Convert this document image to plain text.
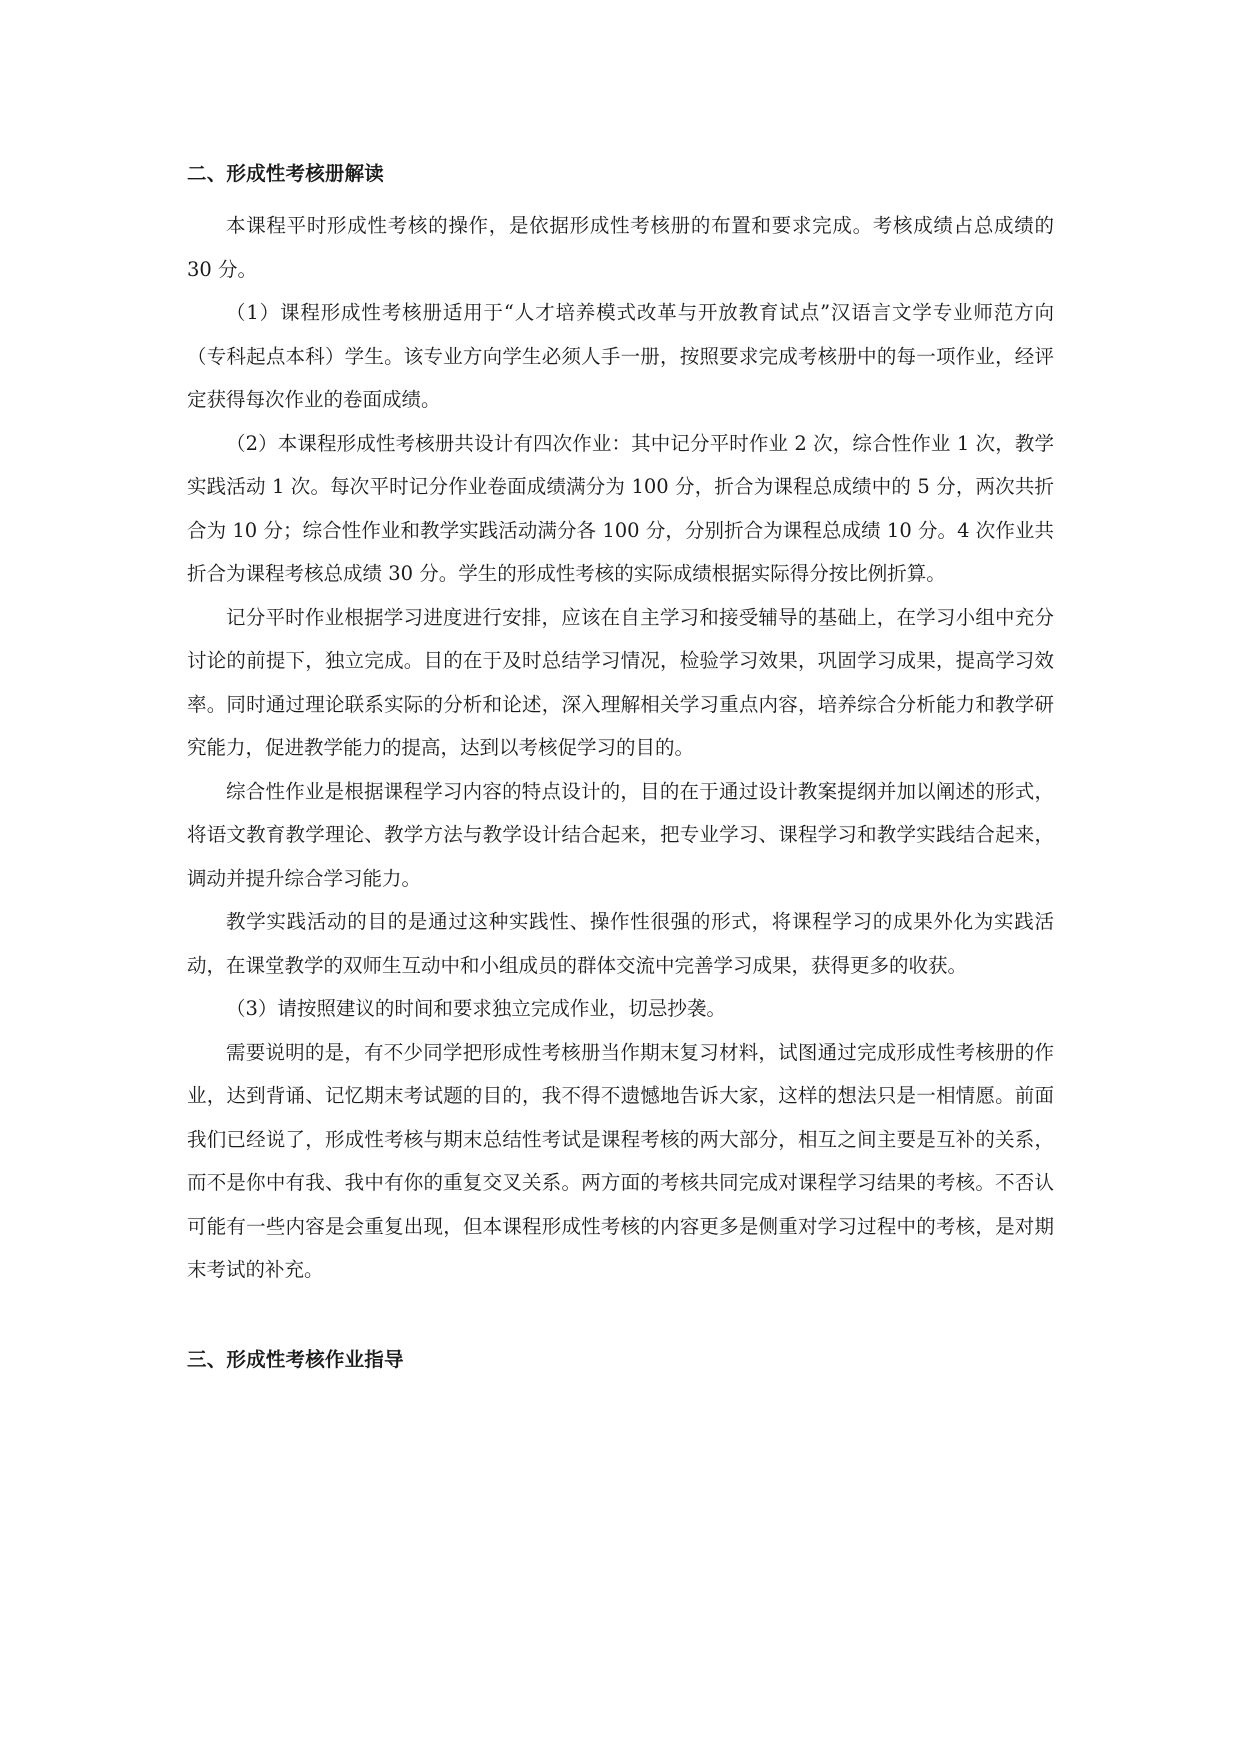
二、形成性考核册解读

本课程平时形成性考核的操作，是依据形成性考核册的布置和要求完成。考核成绩占总成绩的 30 分。

（1）课程形成性考核册适用于“人才培养模式改革与开放教育试点”汉语言文学专业师范方向（专科起点本科）学生。该专业方向学生必须人手一册，按照要求完成考核册中的每一项作业，经评定获得每次作业的卷面成绩。

（2）本课程形成性考核册共设计有四次作业：其中记分平时作业 2 次，综合性作业 1 次，教学实践活动 1 次。每次平时记分作业卷面成绩满分为 100 分，折合为课程总成绩中的 5 分，两次共折合为 10 分；综合性作业和教学实践活动满分各 100 分，分别折合为课程总成绩 10 分。4 次作业共折合为课程考核总成绩 30 分。学生的形成性考核的实际成绩根据实际得分按比例折算。

记分平时作业根据学习进度进行安排，应该在自主学习和接受辅导的基础上，在学习小组中充分讨论的前提下，独立完成。目的在于及时总结学习情况，检验学习效果，巩固学习成果，提高学习效率。同时通过理论联系实际的分析和论述，深入理解相关学习重点内容，培养综合分析能力和教学研究能力，促进教学能力的提高，达到以考核促学习的目的。

综合性作业是根据课程学习内容的特点设计的，目的在于通过设计教案提纲并加以阐述的形式，将语文教育教学理论、教学方法与教学设计结合起来，把专业学习、课程学习和教学实践结合起来，调动并提升综合学习能力。

教学实践活动的目的是通过这种实践性、操作性很强的形式，将课程学习的成果外化为实践活动，在课堂教学的双师生互动中和小组成员的群体交流中完善学习成果，获得更多的收获。

（3）请按照建议的时间和要求独立完成作业，切忌抄袭。

需要说明的是，有不少同学把形成性考核册当作期末复习材料，试图通过完成形成性考核册的作业，达到背诵、记忆期末考试题的目的，我不得不遗憾地告诉大家，这样的想法只是一相情愿。前面我们已经说了，形成性考核与期末总结性考试是课程考核的两大部分，相互之间主要是互补的关系，而不是你中有我、我中有你的重复交叉关系。两方面的考核共同完成对课程学习结果的考核。不否认可能有一些内容是会重复出现，但本课程形成性考核的内容更多是侧重对学习过程中的考核，是对期末考试的补充。

三、形成性考核作业指导
